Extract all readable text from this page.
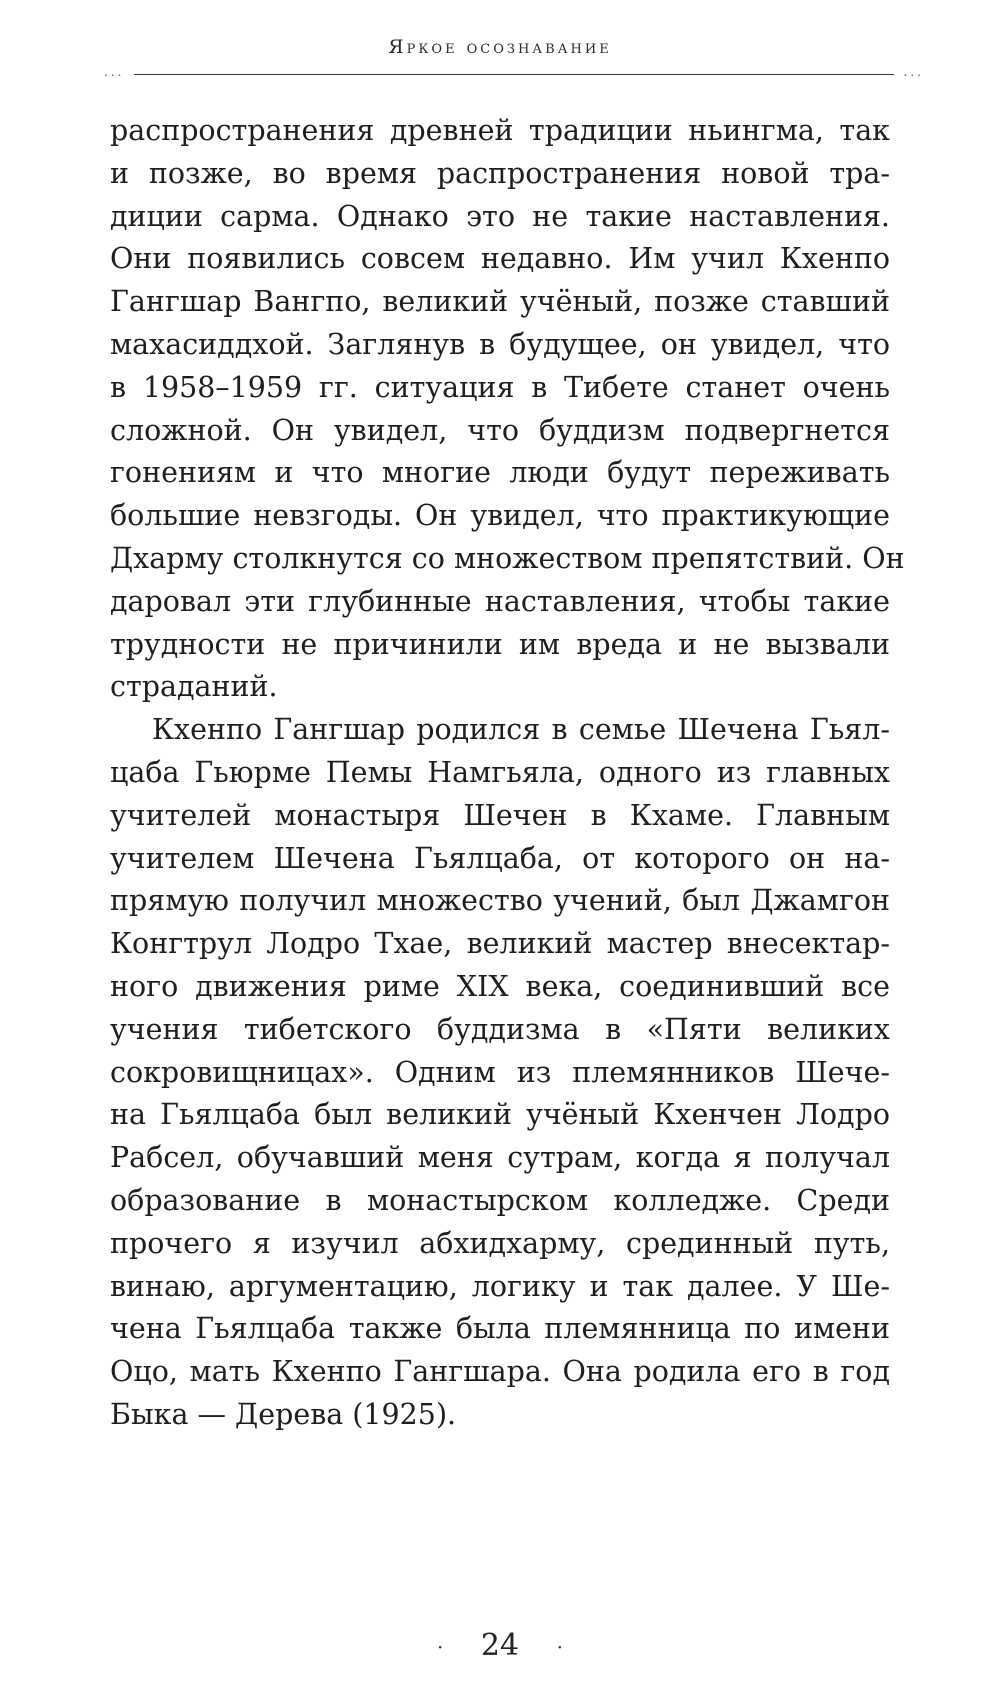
Яркое осознавание
...	...
распространения древней традиции ньингма, так
и позже, во время распространения новой тра-
диции сарма. Однако это не такие наставления.
Они появились совсем недавно. Им учил Кхенпо
Гангшар Вангпо, великий учёный, позже ставший
махасиддхой. Заглянув в будущее, он увидел, что
в 1958–1959 гг. ситуация в Тибете станет очень
сложной. Он увидел, что буддизм подвергнется
гонениям и что многие люди будут переживать
большие невзгоды. Он увидел, что практикующие
Дхарму столкнутся со множеством препятствий. Он
даровал эти глубинные наставления, чтобы такие
трудности не причинили им вреда и не вызвали
страданий.
Кхенпо Гангшар родился в семье Шечена Гьял-
цаба Гьюрме Пемы Намгьяла, одного из главных
учителей монастыря Шечен в Кхаме. Главным
учителем Шечена Гьялцаба, от которого он на-
прямую получил множество учений, был Джамгон
Конгтрул Лодро Тхае, великий мастер внесектар-
ного движения риме XIX века, соединивший все
учения тибетского буддизма в «Пяти великих
сокровищницах». Одним из племянников Шече-
на Гьялцаба был великий учёный Кхенчен Лодро
Рабсел, обучавший меня сутрам, когда я получал
образование в монастырском колледже. Среди
прочего я изучил абхидхарму, срединный путь,
винаю, аргументацию, логику и так далее. У Ше-
чена Гьялцаба также была племянница по имени
Оцо, мать Кхенпо Гангшара. Она родила его в год
Быка — Дерева (1925).
· 24 ·
